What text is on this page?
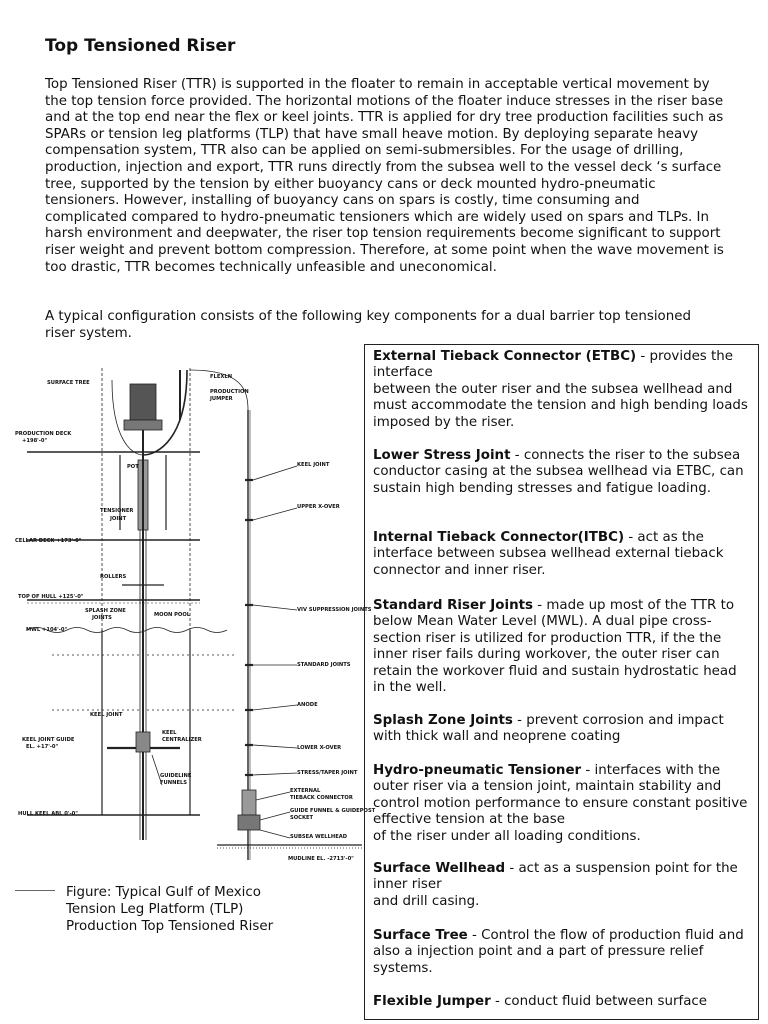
Top Tensioned Riser

Top Tensioned Riser (TTR) is supported in the floater to remain in acceptable vertical movement by the top tension force provided. The horizontal motions of the floater induce stresses in the riser base and at the top end near the flex or keel joints. TTR is applied for dry tree production facilities such as SPARs or tension leg platforms (TLP) that have small heave motion. By deploying separate heavy compensation system, TTR also can be applied on semi-submersibles. For the usage of drilling, production, injection and export, TTR runs directly from the subsea well to the vessel deck ‘s surface tree, supported by the tension by either buoyancy cans or deck mounted hydro-pneumatic tensioners. However, installing of buoyancy cans on spars is costly, time consuming and complicated compared to hydro-pneumatic tensioners which are widely used on spars and TLPs. In harsh environment and deepwater, the riser top tension requirements become significant to support riser weight and prevent bottom compression. Therefore, at some point when the wave movement is too drastic, TTR becomes technically unfeasible and uneconomical.

A typical configuration consists of the following key components for a dual barrier top tensioned riser system.

SURFACE TREE
PRODUCTION DECK
+198'-0"
POT
TENSIONER
JOINT
CELLAR DECK +173'-0"
ROLLERS
TOP OF HULL +125'-0"
SPLASH ZONE
JOINTS	MOON POOL
MWL +104'-0"
KEEL JOINT
KEEL JOINT GUIDE
EL. +17'-0"
KEEL
CENTRALIZER
GUIDELINE
FUNNELS
HULL KEEL ABL 0'-0"
FLEXLN
PRODUCTION
JUMPER
KEEL JOINT
UPPER X-OVER
VIV SUPPRESSION JOINTS
STANDARD JOINTS
ANODE
LOWER X-OVER
STRESS/TAPER JOINT
EXTERNAL
TIEBACK CONNECTOR
GUIDE FUNNEL & GUIDEPOST
SOCKET
SUBSEA WELLHEAD
MUDLINE EL. -2713'-0"
Figure: Typical Gulf of Mexico Tension Leg Platform (TLP) Production Top Tensioned Riser

External Tieback Connector (ETBC) - provides the interface
between the outer riser and the subsea wellhead and must accommodate the tension and high bending loads imposed by the riser.

Lower Stress Joint - connects the riser to the subsea conductor casing at the subsea wellhead via ETBC, can sustain high bending stresses and fatigue loading.

Internal Tieback Connector(ITBC) - act as the interface between subsea wellhead external tieback connector and inner riser.

Standard Riser Joints - made up most of the TTR to below Mean Water Level (MWL). A dual pipe cross-section riser is utilized for production TTR, if the the inner riser fails during workover, the outer riser can retain the workover fluid and sustain hydrostatic head in the well.

Splash Zone Joints - prevent corrosion and impact with thick wall and neoprene coating

Hydro-pneumatic Tensioner - interfaces with the outer riser via a tension joint, maintain stability and control motion performance to ensure constant positive effective tension at the base
of the riser under all loading conditions.

Surface Wellhead - act as a suspension point for the inner riser
and drill casing.

Surface Tree - Control the flow of production fluid and also a injection point and a part of pressure relief systems.

Flexible Jumper - conduct fluid between surface
